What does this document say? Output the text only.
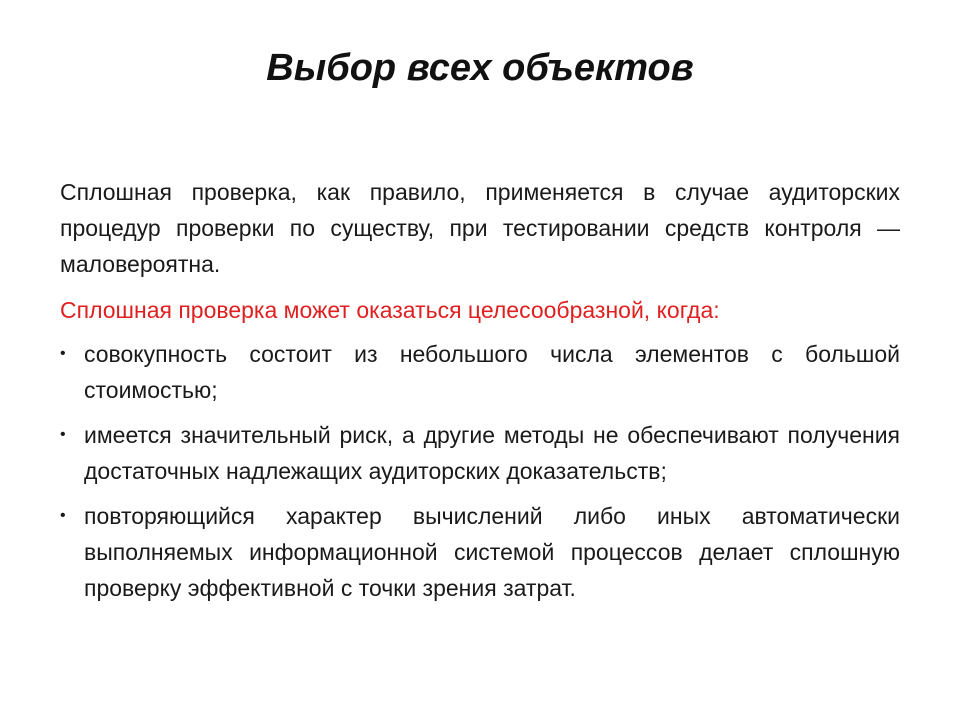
Выбор всех объектов

Сплошная проверка, как правило, применяется в случае аудиторских процедур проверки по существу, при тестировании средств контроля — маловероятна.

Сплошная проверка может оказаться целесообразной, когда:

• совокупность состоит из небольшого числа элементов с большой стоимостью;
• имеется значительный риск, а другие методы не обеспечивают получения достаточных надлежащих аудиторских доказательств;
• повторяющийся характер вычислений либо иных автоматически выполняемых информационной системой процессов делает сплошную проверку эффективной с точки зрения затрат.
